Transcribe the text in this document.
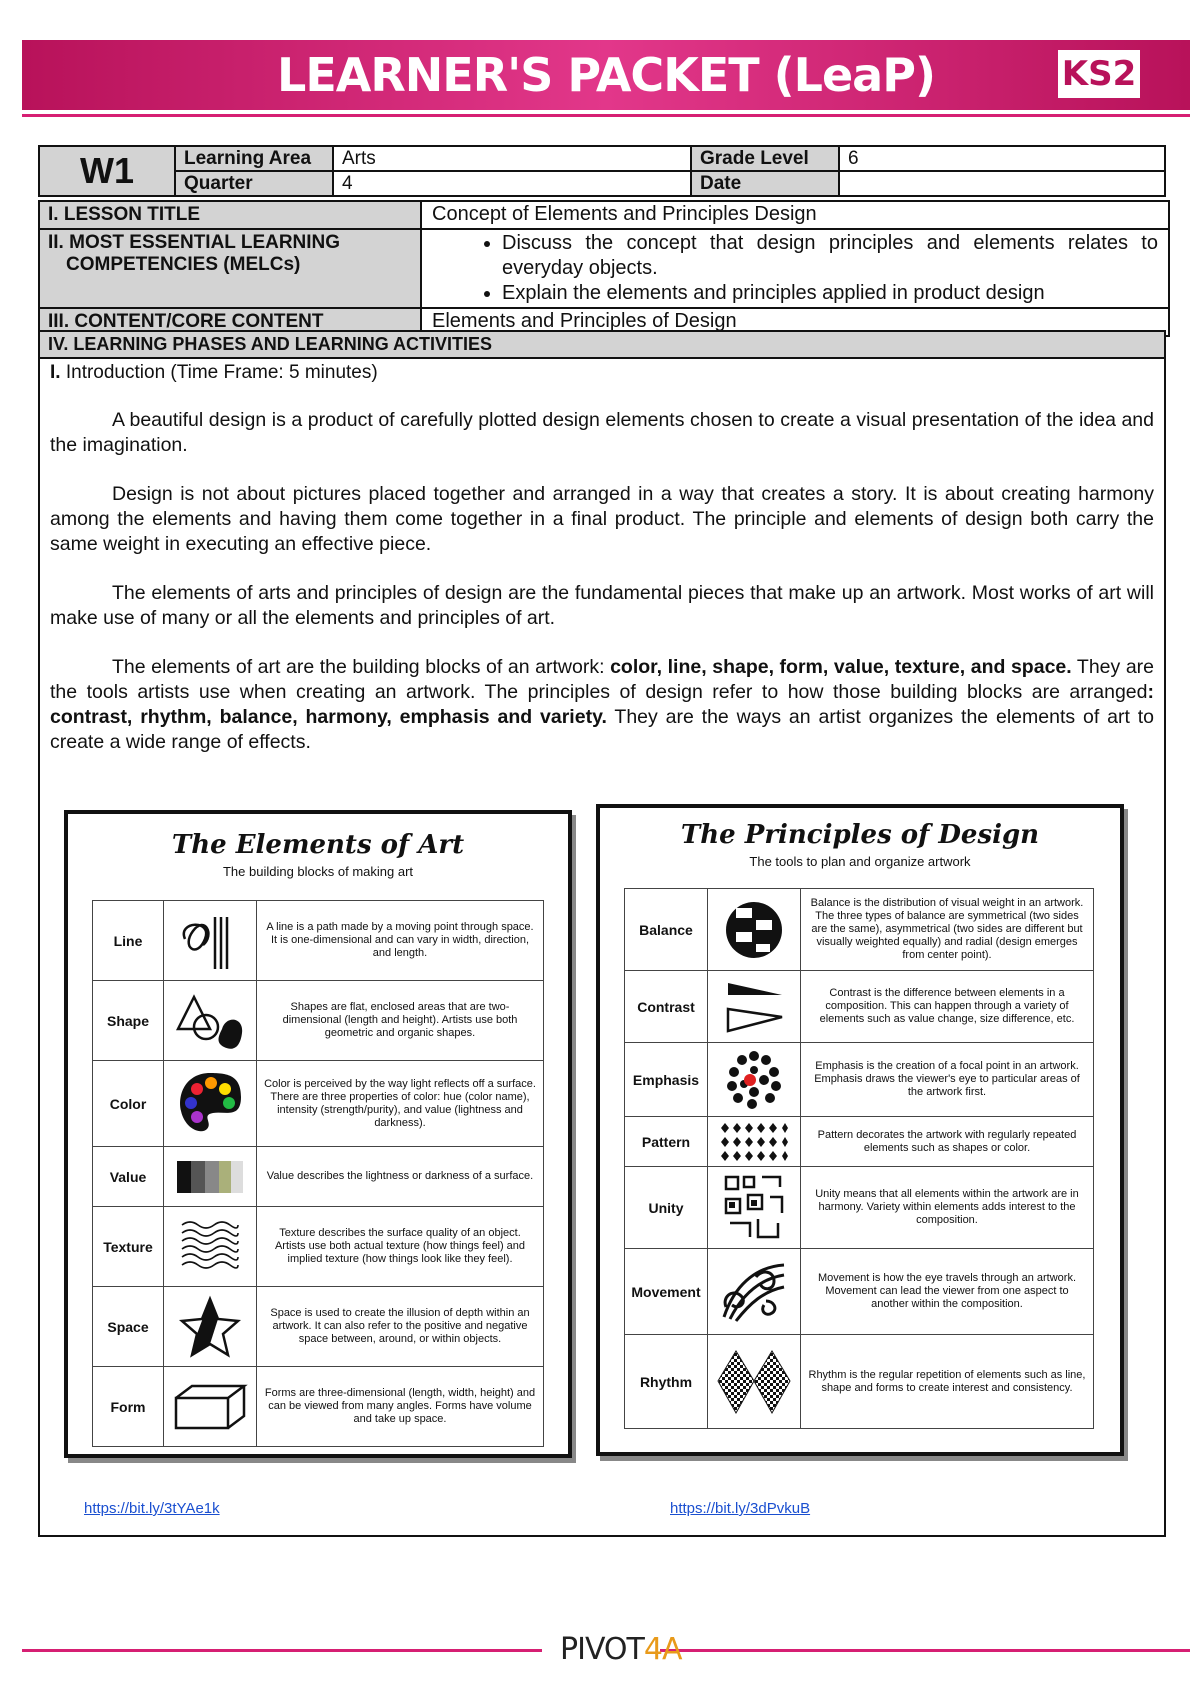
LEARNER'S PACKET (LeaP)	KS2
W1	Learning Area	Arts	Grade Level	6
	Quarter	4	Date	
I. LESSON TITLE	Concept of Elements and Principles Design
II. MOST ESSENTIAL LEARNING
COMPETENCIES (MELCs)
• Discuss the concept that design principles and elements relates to everyday objects.
• Explain the elements and principles applied in product design
III. CONTENT/CORE CONTENT	Elements and Principles of Design
IV. LEARNING PHASES AND LEARNING ACTIVITIES
I. Introduction (Time Frame: 5 minutes)

A beautiful design is a product of carefully plotted design elements chosen to create a visual presentation of the idea and the imagination.

Design is not about pictures placed together and arranged in a way that creates a story. It is about creating harmony among the elements and having them come together in a final product. The principle and elements of design both carry the same weight in executing an effective piece.

The elements of arts and principles of design are the fundamental pieces that make up an artwork. Most works of art will make use of many or all the elements and principles of art.

The elements of art are the building blocks of an artwork: color, line, shape, form, value, texture, and space. They are the tools artists use when creating an artwork. The principles of design refer to how those building blocks are arranged: contrast, rhythm, balance, harmony, emphasis and variety. They are the ways an artist organizes the elements of art to create a wide range of effects.

The Elements of Art
The building blocks of making art
Line		A line is a path made by a moving point through space. It is one-dimensional and can vary in width, direction, and length.
Shape		Shapes are flat, enclosed areas that are two-dimensional (length and height). Artists use both geometric and organic shapes.
Color		Color is perceived by the way light reflects off a surface. There are three properties of color: hue (color name), intensity (strength/purity), and value (lightness and darkness).
Value		Value describes the lightness or darkness of a surface.
Texture		Texture describes the surface quality of an object. Artists use both actual texture (how things feel) and implied texture (how things look like they feel).
Space		Space is used to create the illusion of depth within an artwork. It can also refer to the positive and negative space between, around, or within objects.
Form		Forms are three-dimensional (length, width, height) and can be viewed from many angles. Forms have volume and take up space.
The Principles of Design
The tools to plan and organize artwork
Balance		Balance is the distribution of visual weight in an artwork. The three types of balance are symmetrical (two sides are the same), asymmetrical (two sides are different but visually weighted equally) and radial (design emerges from center point).
Contrast		Contrast is the difference between elements in a composition. This can happen through a variety of elements such as value change, size difference, etc.
Emphasis		Emphasis is the creation of a focal point in an artwork. Emphasis draws the viewer's eye to particular areas of the artwork first.
Pattern		Pattern decorates the artwork with regularly repeated elements such as shapes or color.
Unity		Unity means that all elements within the artwork are in harmony. Variety within elements adds interest to the composition.
Movement		Movement is how the eye travels through an artwork. Movement can lead the viewer from one aspect to another within the composition.
Rhythm		Rhythm is the regular repetition of elements such as line, shape and forms to create interest and consistency.
https://bit.ly/3tYAe1k	https://bit.ly/3dPvkuB
PIVOT4A
